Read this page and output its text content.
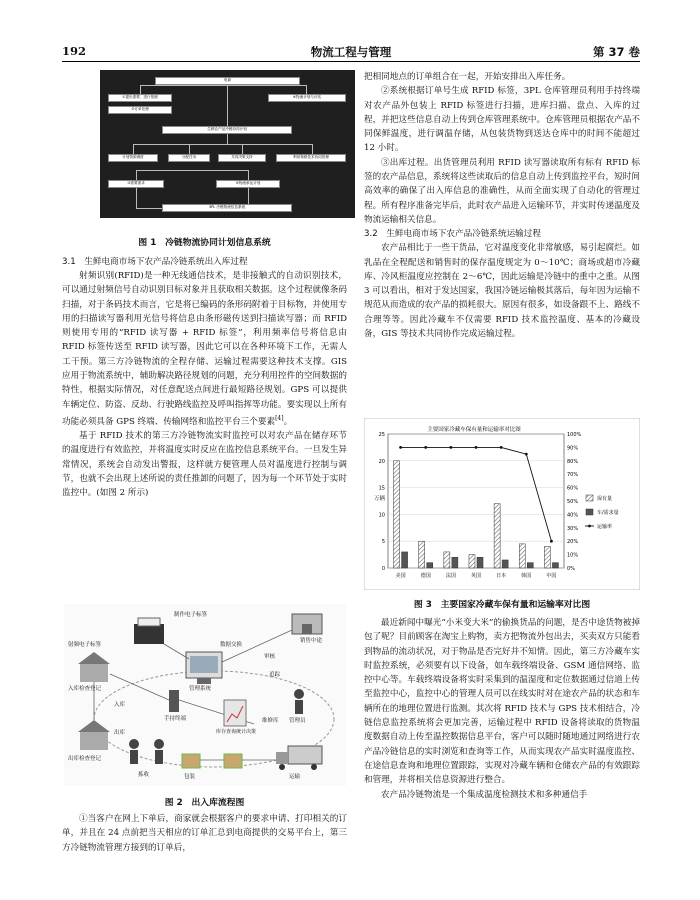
192	物流工程与管理	第 37 卷
电商
①提出需要、进行预测
②订单处理
⑥物流计划与评估
生鲜农产品冷链协同计划
计划资源调度	分配任务	共同决策支持	利用物联技术协同管理
③需要需求	⑤物流承运计划
3PL 冷链物流信息系统
图 1　冷链物流协同计划信息系统
3.1　生鲜电商市场下农产品冷链系统出入库过程

射频识别(RFID)是一种无线通信技术，是非接触式的自动识别技术，可以通过射频信号自动识别目标对象并且获取相关数据。这个过程就像条码扫描，对于条码技术而言，它是将已编码的条形码附着于目标物，并使用专用的扫描读写器利用光信号将信息由条形磁传送到扫描读写器；而 RFID 则使用专用的“RFID 读写器 + RFID 标签”，利用频率信号将信息由 RFID 标签传送至 RFID 读写器，因此它可以在各种环境下工作，无需人工干预。第三方冷链物流的全程存储、运输过程需要这种技术支撑。GIS 应用于物流系统中，辅助解决路径规划的问题，充分利用控件的空间数据的特性，根据实际情况，对任意配送点间进行最短路径规划。GPS 可以提供车辆定位、防盗、反劫、行驶路线监控及呼叫指挥等功能。要实现以上所有功能必须具备 GPS 终端、传输网络和监控平台三个要素[4]。

基于 RFID 技术的第三方冷链物流实时监控可以对农产品在储存环节的温度进行有效监控，并将温度实时反应在监控信息系统平台。一旦发生异常情况，系统会自动发出警报，这样就方便管理人员对温度进行控制与调节，也就不会出现上述所说的责任推卸的问题了，因为每一个环节处于实时监控中。(如图 2 所示)

管理系统
数据交换
制作电子标签
销售中途
追踪
审核
射频电子标签
入库检查登记
手持终端
库存查询统计决策
维修库
入库
出库
出库检查登记
拣收	包装	运输
管理员
图 2　出入库流程图

①当客户在网上下单后，商家就会根据客户的要求申请、打印相关的订单，并且在 24 点前把当天相应的订单汇总到电商提供的交易平台上，第三方冷链物流管理方接到的订单后，

把相同地点的订单组合在一起，开始安排出入库任务。

②系统根据订单号生成 RFID 标签，3PL 仓库管理员利用手持终端对农产品外包装上 RFID 标签进行扫描，进库扫描、盘点、入库的过程，并把这些信息自动上传到仓库管理系统中。仓库管理员根据农产品不同保鲜温度，进行调温存储，从包装货物到送达仓库中的时间不能超过 12 小时。

③出库过程。出货管理员利用 RFID 读写器读取所有标有 RFID 标签的农产品信息，系统将这些读取后的信息自动上传到监控平台，短时间高效率的确保了出入库信息的准确性，从而全面实现了自动化的管理过程。所有程序准备完毕后，此时农产品进入运输环节，并实时传递温度及物流运输相关信息。

3.2　生鲜电商市场下农产品冷链系统运输过程

农产品相比于一些干货品，它对温度变化非常敏感，易引起腐烂。如乳品在全程配送和销售时的保存温度规定为 0～10℃；商场或超市冷藏库、冷风柜温度应控制在 2～6℃，因此运输是冷链中的重中之重。从图 3 可以看出，相对于发达国家，我国冷链运输极其落后，每年因为运输不规范从而造成的农产品的损耗很大。原因有很多，如设备跟不上、路线不合理等等。因此冷藏车不仅需要 RFID 技术监控温度、基本的冷藏设备，GIS 等技术共同协作完成运输过程。

主要国家冷藏车保有量和运输率对比图
万辆
0
5
10
15
20
25
0%
10%
20%
30%
40%
50%
60%
70%
80%
90%
100%
美国	德国	法国	英国	日本	韩国	中国
保有量
车/需求量
运输率
图 3　主要国家冷藏车保有量和运输率对比图

最近新闻中曝光“小米变大米”的偷换货品的问题，是否中途货物被掉包了呢？目前顾客在淘宝上购物，卖方把物流外包出去，买卖双方只能看到物品的流动状况，对于物品是否完好并不知情。因此，第三方冷藏车实时监控系统，必须要有以下设备，如车载终端设备、GSM 通信网络、监控中心等。车载终端设备将实时采集到的温湿度和定位数据通过信道上传至监控中心，监控中心的管理人员可以在线实时对在途农产品的状态和车辆所在的地理位置进行监测。其次将 RFID 技术与 GPS 技术相结合，冷链信息监控系统将会更加完善，运输过程中 RFID 设备将读取的货物温度数据自动上传至温控数据信息平台，客户可以随时随地通过网络进行农产品冷链信息的实时浏览和查询等工作，从而实现农产品实时温度监控、在途信息查询和地理位置跟踪，实现对冷藏车辆和仓储农产品的有效跟踪和管理，并将相关信息资源进行整合。

农产品冷链物流是一个集成温度检测技术和多种通信手
